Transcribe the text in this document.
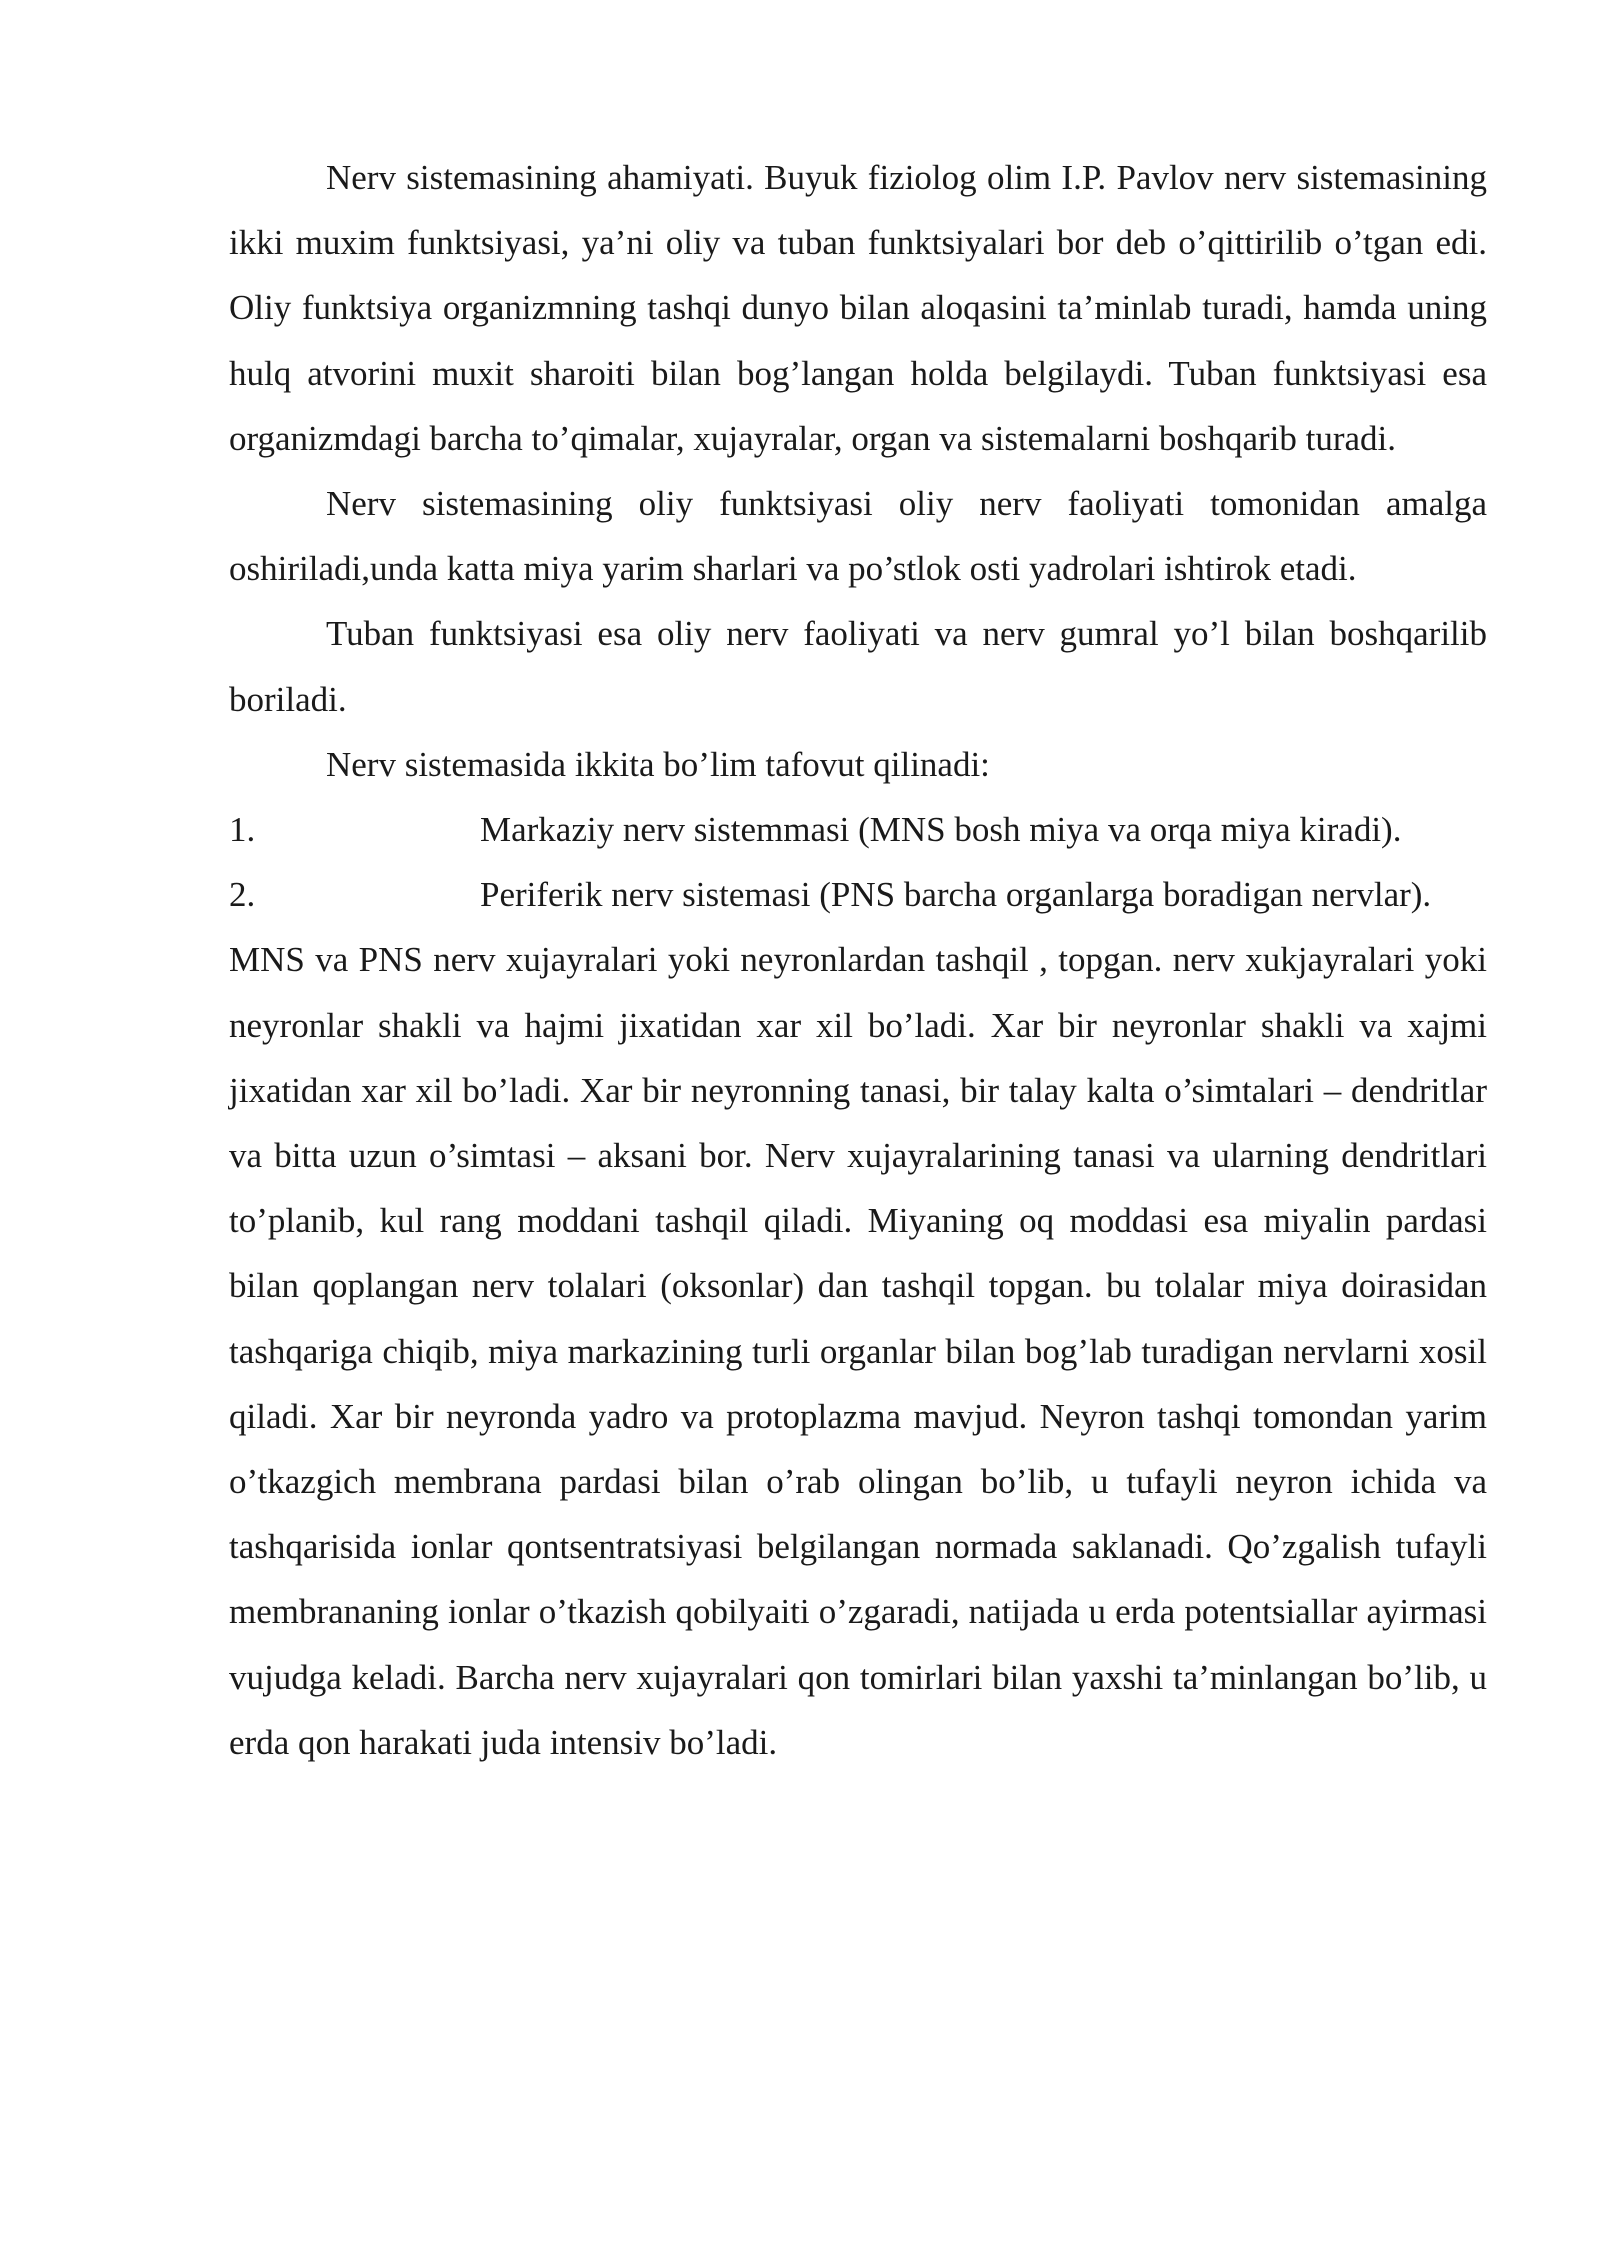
Nerv sistemasining ahamiyati. Buyuk fiziolog olim I.P. Pavlov nerv sistemasining ikki muxim funktsiyasi, ya’ni oliy va tuban funktsiyalari bor deb o’qittirilib o’tgan edi. Oliy funktsiya organizmning tashqi dunyo bilan aloqasini ta’minlab turadi, hamda uning hulq atvorini muxit sharoiti bilan bog’langan holda belgilaydi. Tuban funktsiyasi esa organizmdagi barcha to’qimalar, xujayralar, organ va sistemalarni boshqarib turadi.

Nerv sistemasining oliy funktsiyasi oliy nerv faoliyati tomonidan amalga oshiriladi,unda katta miya yarim sharlari va po’stlok osti yadrolari ishtirok etadi.

Tuban funktsiyasi esa oliy nerv faoliyati va nerv gumral yo’l bilan boshqarilib boriladi.

Nerv sistemasida ikkita bo’lim tafovut qilinadi:

1.	Markaziy nerv sistemmasi (MNS bosh miya va orqa miya kiradi).
2.	Periferik nerv sistemasi (PNS barcha organlarga boradigan nervlar).

MNS va PNS nerv xujayralari yoki neyronlardan tashqil , topgan. nerv xukjayralari yoki neyronlar shakli va hajmi jixatidan xar xil bo’ladi. Xar bir neyronlar shakli va xajmi jixatidan xar xil bo’ladi. Xar bir neyronning tanasi, bir talay kalta o’simtalari – dendritlar va bitta uzun o’simtasi – aksani bor. Nerv xujayralarining tanasi va ularning dendritlari to’planib, kul rang moddani tashqil qiladi. Miyaning oq moddasi esa miyalin pardasi bilan qoplangan nerv tolalari (oksonlar) dan tashqil topgan. bu tolalar miya doirasidan tashqariga chiqib, miya markazining turli organlar bilan bog’lab turadigan nervlarni xosil qiladi. Xar bir neyronda yadro va protoplazma mavjud. Neyron tashqi tomondan yarim o’tkazgich membrana pardasi bilan o’rab olingan bo’lib, u tufayli neyron ichida va tashqarisida ionlar qontsentratsiyasi belgilangan normada saklanadi. Qo’zgalish tufayli membrananing ionlar o’tkazish qobilyaiti o’zgaradi, natijada u erda potentsiallar ayirmasi vujudga keladi. Barcha nerv xujayralari qon tomirlari bilan yaxshi ta’minlangan bo’lib, u erda qon harakati juda intensiv bo’ladi.
